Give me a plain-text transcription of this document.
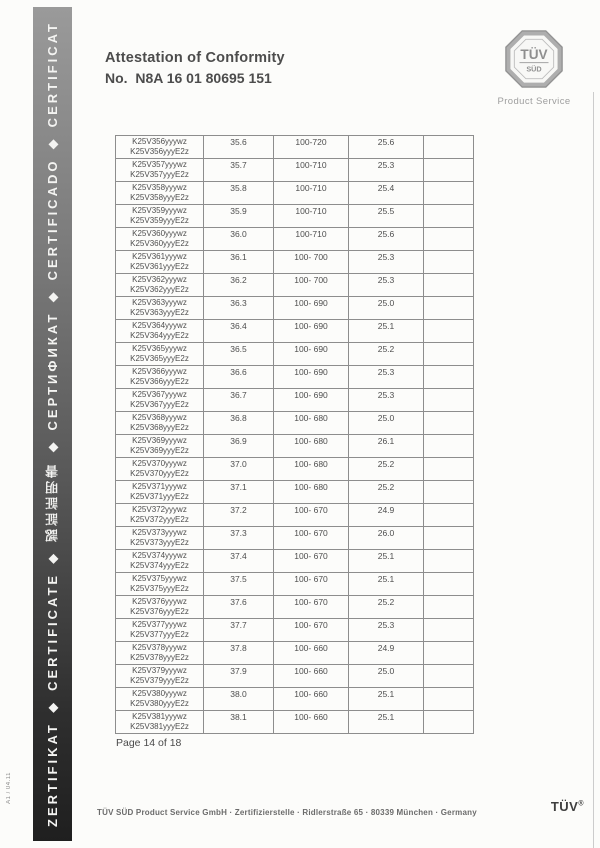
ZERTIFIKAT ◆ CERTIFICATE ◆ 認証証明書 ◆ СЕРТИФИКАТ ◆ CERTIFICADO ◆ CERTIFICAT
A1 / 04.11
Attestation of Conformity
No.  N8A 16 01 80695 151
TÜV
SÜD
Product Service
K25V356yyywz
K25V356yyyE2z	35.6	100-720	25.6	

K25V357yyywz
K25V357yyyE2z	35.7	100-710	25.3	

K25V358yyywz
K25V358yyyE2z	35.8	100-710	25.4	

K25V359yyywz
K25V359yyyE2z	35.9	100-710	25.5	

K25V360yyywz
K25V360yyyE2z	36.0	100-710	25.6	

K25V361yyywz
K25V361yyyE2z	36.1	100- 700	25.3	

K25V362yyywz
K25V362yyyE2z	36.2	100- 700	25.3	

K25V363yyywz
K25V363yyyE2z	36.3	100- 690	25.0	

K25V364yyywz
K25V364yyyE2z	36.4	100- 690	25.1	

K25V365yyywz
K25V365yyyE2z	36.5	100- 690	25.2	

K25V366yyywz
K25V366yyyE2z	36.6	100- 690	25.3	

K25V367yyywz
K25V367yyyE2z	36.7	100- 690	25.3	

K25V368yyywz
K25V368yyyE2z	36.8	100- 680	25.0	

K25V369yyywz
K25V369yyyE2z	36.9	100- 680	26.1	

K25V370yyywz
K25V370yyyE2z	37.0	100- 680	25.2	

K25V371yyywz
K25V371yyyE2z	37.1	100- 680	25.2	

K25V372yyywz
K25V372yyyE2z	37.2	100- 670	24.9	

K25V373yyywz
K25V373yyyE2z	37.3	100- 670	26.0	

K25V374yyywz
K25V374yyyE2z	37.4	100- 670	25.1	

K25V375yyywz
K25V375yyyE2z	37.5	100- 670	25.1	

K25V376yyywz
K25V376yyyE2z	37.6	100- 670	25.2	

K25V377yyywz
K25V377yyyE2z	37.7	100- 670	25.3	

K25V378yyywz
K25V378yyyE2z	37.8	100- 660	24.9	

K25V379yyywz
K25V379yyyE2z	37.9	100- 660	25.0	

K25V380yyywz
K25V380yyyE2z	38.0	100- 660	25.1	

K25V381yyywz
K25V381yyyE2z	38.1	100- 660	25.1	
Page 14 of 18
TÜV SÜD Product Service GmbH · Zertifizierstelle · Ridlerstraße 65 · 80339 München · Germany	TÜV®
